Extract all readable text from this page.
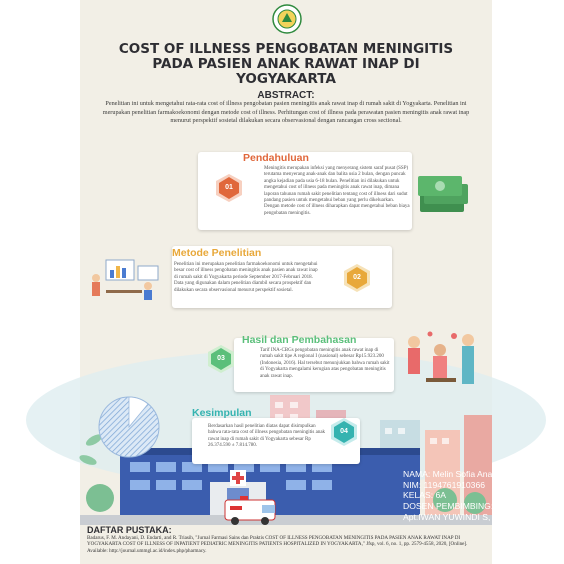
COST OF ILLNESS PENGOBATAN MENINGITIS
PADA PASIEN ANAK RAWAT INAP DI
YOGYAKARTA
ABSTRACT:
Penelitian ini untuk mengetahui rata-rata cost of illness pengobatan pasien meningitis anak rawat inap di rumah sakit di Yogyakarta. Penelitian ini merupakan penelitian farmakoekonomi dengan metode cost of illness. Perhitungan cost of illness pada perawatan pasien meningitis anak rawat inap menurut perspektif sosietal dilakukan secara observasional dengan rancangan cross sectional.
01
Pendahuluan
Meningitis merupakan infeksi yang menyerang sistem saraf pusat (SSP) terutama menyerang anak-anak dan balita usia 2 bulan, dengan puncak angka kejadian pada usia 6-18 bulan. Penelitian ini dilakukan untuk mengetahui cost of illness pada meningitis anak rawat inap, dimana laporan tahunan rumah sakit penelitian tentang cost of illness dari sudut pandang pasien untuk mengetahui beban yang perlu dikeluarkan. Dengan metode cost of illness diharapkan dapat mengetahui beban biaya pengobatan meningitis.
Metode Penelitian
Penelitian ini merupakan penelitian farmakoekonomi untuk mengetahui besar cost of illness pengobatan meningitis anak pasien anak rawat inap di rumah sakit di Yogyakarta periode September 2017-Februari 2018. Data yang digunakan dalam penelitian diambil secara prospektif dan dilakukan secara observasional menurut perspektif sosietal.
02
03
Hasil dan Pembahasan
Tarif INA-CBGs pengobatan meningitis anak rawat inap di rumah sakit tipe A regional I (nasional) sebesar Rp15.923.200 (Indonesia, 2016). Hal tersebut menunjukkan bahwa rumah sakit di Yogyakarta mengalami kerugian atas pengobatan meningitis anak rawat inap.
Kesimpulan
Berdasarkan hasil penelitian diatas dapat disimpulkan bahwa rata-rata cost of illness pengobatan meningitis anak rawat inap di rumah sakit di Yogyakarta sebesar Rp 26.374.590 ± 7.814.780.
04
NAMA: Melin Sofia Ananda
NIM: 1194761910366
KELAS: 6A
DOSEN PEMBIMBING:
Apt.IWAN YUWINDI S, Farm.,M.Farm
DAFTAR PUSTAKA:
Badarus, F. M. Andayani, D. Endarti, and R. Triasih, "Jurnal Farmasi Sains dan Praktis COST OF ILLNESS PENGOBATAN MENINGITIS PADA PASIEN ANAK RAWAT INAP DI YOGYAKARTA COST OF ILLNESS OF INPATIENT PEDIATRIC MENINGITIS PATIENTS HOSPITALIZED IN YOGYAKARTA," Jfsp, vol. 6, no. 1, pp. 2579-4558, 2020, [Online]. Available: http://journal.ummgl.ac.id/index.php/pharmacy.
